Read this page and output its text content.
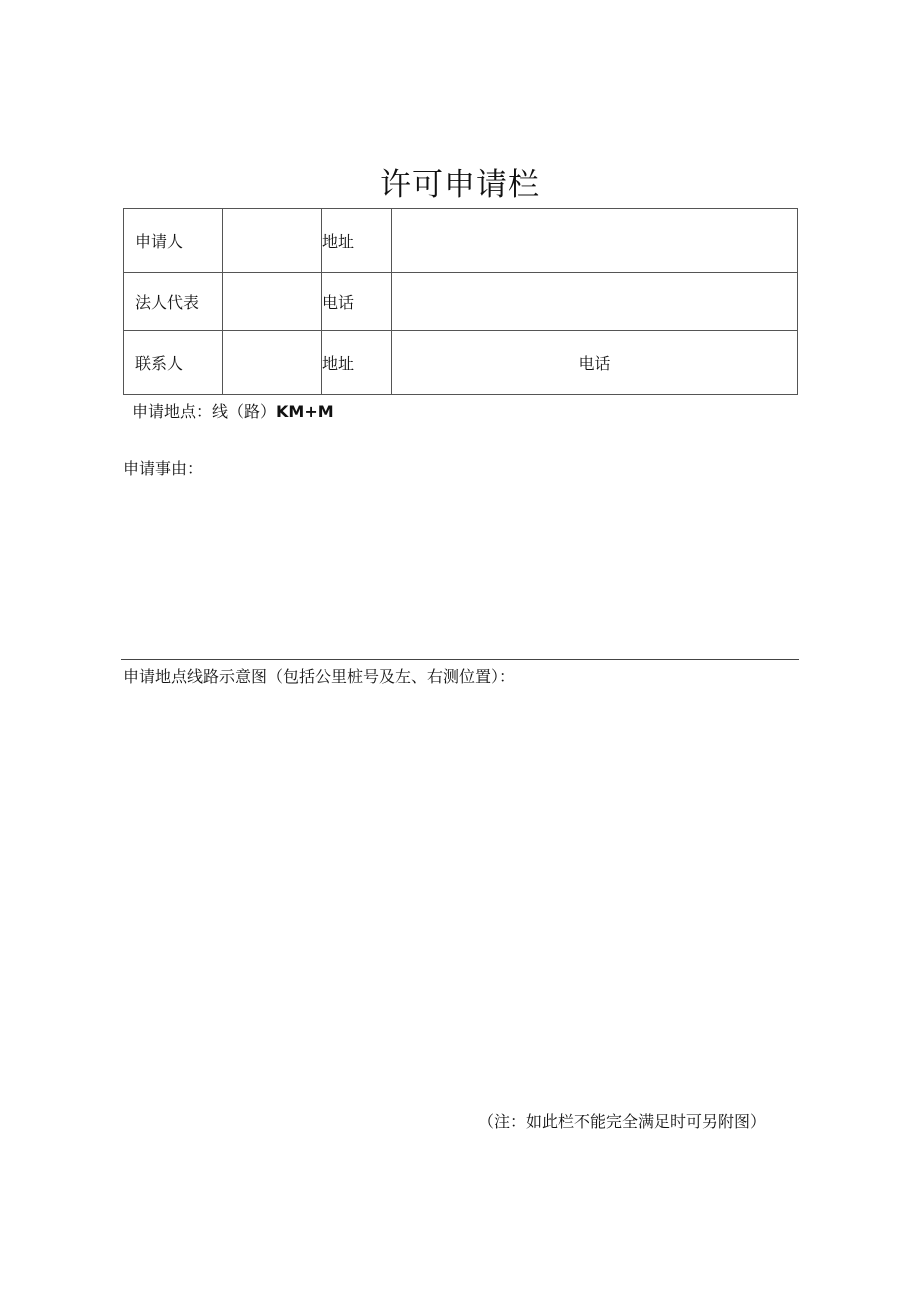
许可申请栏
申请人		地址	
法人代表		电话	
联系人		地址	电话
申请地点：线（路）KM+M
申请事由：
申请地点线路示意图（包括公里桩号及左、右测位置）：
（注：如此栏不能完全满足时可另附图）
